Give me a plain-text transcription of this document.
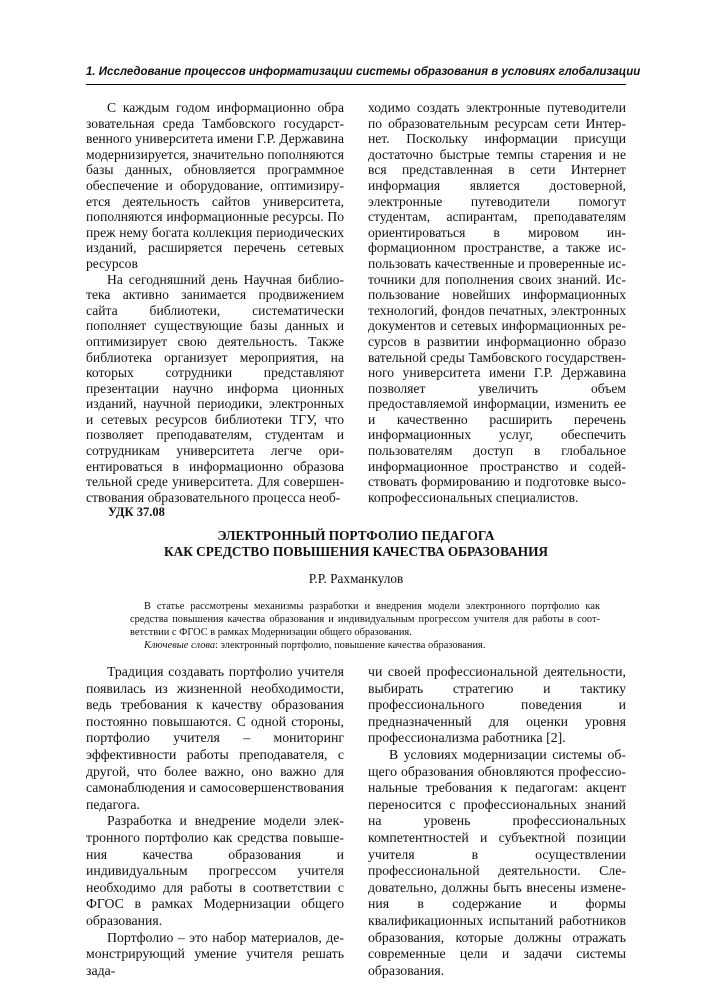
1. Исследование процессов информатизации системы образования в условиях глобализации

С каждым годом информационно обра зовательная среда Тамбовского государственного университета имени Г.Р. Державина модернизируется, значительно пополняются базы данных, обновляется программное обеспечение и оборудование, оптимизируется деятельность сайтов университета, пополняются информационные ресурсы. По преж нему богата коллекция периодических изданий, расширяется перечень сетевых ресурсов

На сегодняшний день Научная библиотека активно занимается продвижением сайта библиотеки, систематически пополняет существующие базы данных и оптимизирует свою деятельность. Также библиотека организует мероприятия, на которых сотрудники представляют презентации научно информа ционных изданий, научной периодики, электронных и сетевых ресурсов библиотеки ТГУ, что позволяет преподавателям, студентам и сотрудникам университета легче ориентироваться в информационно образова тельной среде университета. Для совершенствования образовательного процесса необ-

ходимо создать электронные путеводители по образовательным ресурсам сети Интернет. Поскольку информации присущи достаточно быстрые темпы старения и не вся представленная в сети Интернет информация является достоверной, электронные путеводители помогут студентам, аспирантам, преподавателям ориентироваться в мировом информационном пространстве, а также использовать качественные и проверенные источники для пополнения своих знаний. Использование новейших информационных технологий, фондов печатных, электронных документов и сетевых информационных ресурсов в развитии информационно образо вательной среды Тамбовского государственного университета имени Г.Р. Державина позволяет увеличить объем предоставляемой информации, изменить ее и качественно расширить перечень информационных услуг, обеспечить пользователям доступ в глобальное информационное пространство и содействовать формированию и подготовке высокопрофессиональных специалистов.

УДК 37.08
ЭЛЕКТРОННЫЙ ПОРТФОЛИО ПЕДАГОГА
КАК СРЕДСТВО ПОВЫШЕНИЯ КАЧЕСТВА ОБРАЗОВАНИЯ
Р.Р. Рахманкулов

В статье рассмотрены механизмы разработки и внедрения модели электронного портфолио как средства повышения качества образования и индивидуальным прогрессом учителя для работы в соответствии с ФГОС в рамках Модернизации общего образования.

Ключевые слова: электронный портфолио, повышение качества образования.

Традиция создавать портфолио учителя появилась из жизненной необходимости, ведь требования к качеству образования постоянно повышаются. С одной стороны, портфолио учителя – мониторинг эффективности работы преподавателя, с другой, что более важно, оно важно для самонаблюдения и самосовершенствования педагога.

Разработка и внедрение модели электронного портфолио как средства повышения качества образования и индивидуальным прогрессом учителя необходимо для работы в соответствии с ФГОС в рамках Модернизации общего образования.

Портфолио – это набор материалов, демонстрирующий умение учителя решать зада-

чи своей профессиональной деятельности, выбирать стратегию и тактику профессионального поведения и предназначенный для оценки уровня профессионализма работника [2].

В условиях модернизации системы общего образования обновляются профессиональные требования к педагогам: акцент переносится с профессиональных знаний на уровень профессиональных компетентностей и субъектной позиции учителя в осуществлении профессиональной деятельности. Следовательно, должны быть внесены изменения в содержание и формы квалификационных испытаний работников образования, которые должны отражать современные цели и задачи системы образования.
